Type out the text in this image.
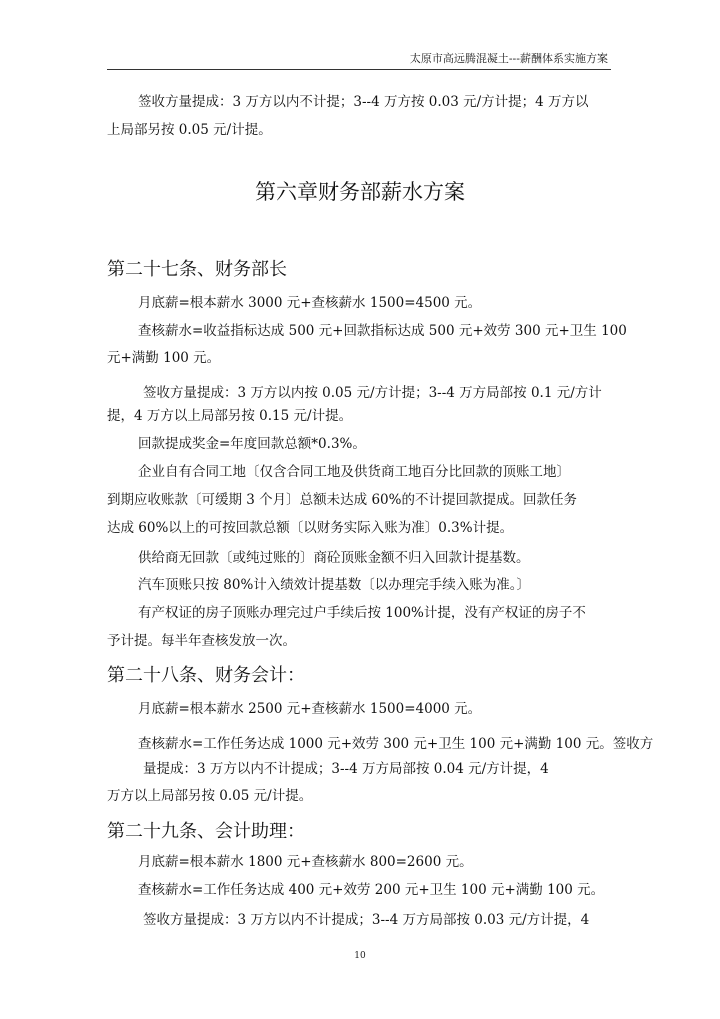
太原市高远腾混凝土---薪酬体系实施方案
签收方量提成：3 万方以内不计提；3--4 万方按 0.03 元/方计提；4 万方以
上局部另按 0.05 元/计提。
第六章财务部薪水方案
第二十七条、财务部长
月底薪=根本薪水 3000 元+查核薪水 1500=4500 元。
查核薪水=收益指标达成 500 元+回款指标达成 500 元+效劳 300 元+卫生 100
元+满勤 100 元。
签收方量提成：3 万方以内按 0.05 元/方计提；3--4 万方局部按 0.1 元/方计
提，4 万方以上局部另按 0.15 元/计提。
回款提成奖金=年度回款总额*0.3%。
企业自有合同工地〔仅含合同工地及供货商工地百分比回款的顶账工地〕
到期应收账款〔可缓期 3 个月〕总额未达成 60%的不计提回款提成。回款任务
达成 60%以上的可按回款总额〔以财务实际入账为准〕0.3%计提。
供给商无回款〔或纯过账的〕商砼顶账金额不归入回款计提基数。
汽车顶账只按 80%计入绩效计提基数〔以办理完手续入账为准。〕
有产权证的房子顶账办理完过户手续后按 100%计提，没有产权证的房子不
予计提。每半年查核发放一次。
第二十八条、财务会计：
月底薪=根本薪水 2500 元+查核薪水 1500=4000 元。
查核薪水=工作任务达成 1000 元+效劳 300 元+卫生 100 元+满勤 100 元。签收方
量提成：3 万方以内不计提成；3--4 万方局部按 0.04 元/方计提，4
万方以上局部另按 0.05 元/计提。
第二十九条、会计助理：
月底薪=根本薪水 1800 元+查核薪水 800=2600 元。
查核薪水=工作任务达成 400 元+效劳 200 元+卫生 100 元+满勤 100 元。
签收方量提成：3 万方以内不计提成；3--4 万方局部按 0.03 元/方计提，4
10
